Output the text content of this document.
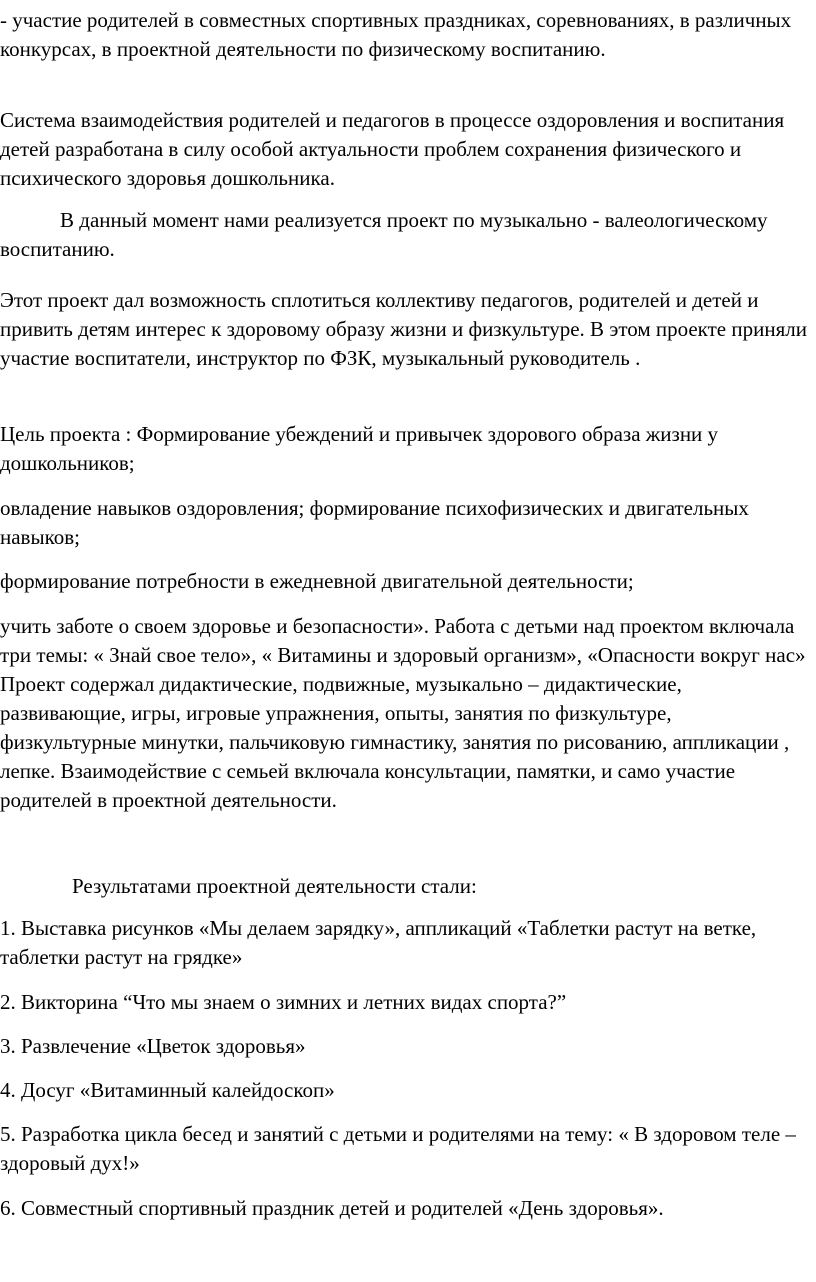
- участие родителей в совместных спортивных праздниках, соревнованиях, в различных конкурсах, в проектной деятельности по физическому воспитанию.

Система взаимодействия родителей и педагогов в процессе оздоровления и воспитания детей разработана в силу особой актуальности проблем сохранения физического и психического здоровья дошкольника.

В данный момент нами реализуется проект по музыкально - валеологическому воспитанию.

Этот проект дал возможность сплотиться коллективу педагогов, родителей и детей и привить детям интерес к здоровому образу жизни и физкультуре. В этом проекте приняли участие воспитатели, инструктор по ФЗК, музыкальный руководитель .

Цель проекта : Формирование убеждений и привычек здорового образа жизни у дошкольников;

овладение навыков оздоровления; формирование психофизических и двигательных навыков;

формирование потребности в ежедневной двигательной деятельности;

учить заботе о своем здоровье и безопасности». Работа с детьми над проектом включала три темы: « Знай свое тело», « Витамины и здоровый организм», «Опасности вокруг нас» Проект содержал дидактические, подвижные, музыкально – дидактические, развивающие, игры, игровые упражнения, опыты, занятия по физкультуре, физкультурные минутки, пальчиковую гимнастику, занятия по рисованию, аппликации , лепке. Взаимодействие с семьей включала консультации, памятки, и само участие родителей в проектной деятельности.

Результатами проектной деятельности стали:

1. Выставка рисунков «Мы делаем зарядку», аппликаций «Таблетки растут на ветке, таблетки растут на грядке»

2. Викторина “Что мы знаем о зимних и летних видах спорта?”

3. Развлечение «Цветок здоровья»

4. Досуг «Витаминный калейдоскоп»

5. Разработка цикла бесед и занятий с детьми и родителями на тему: « В здоровом теле – здоровый дух!»

6. Совместный спортивный праздник детей и родителей «День здоровья».
